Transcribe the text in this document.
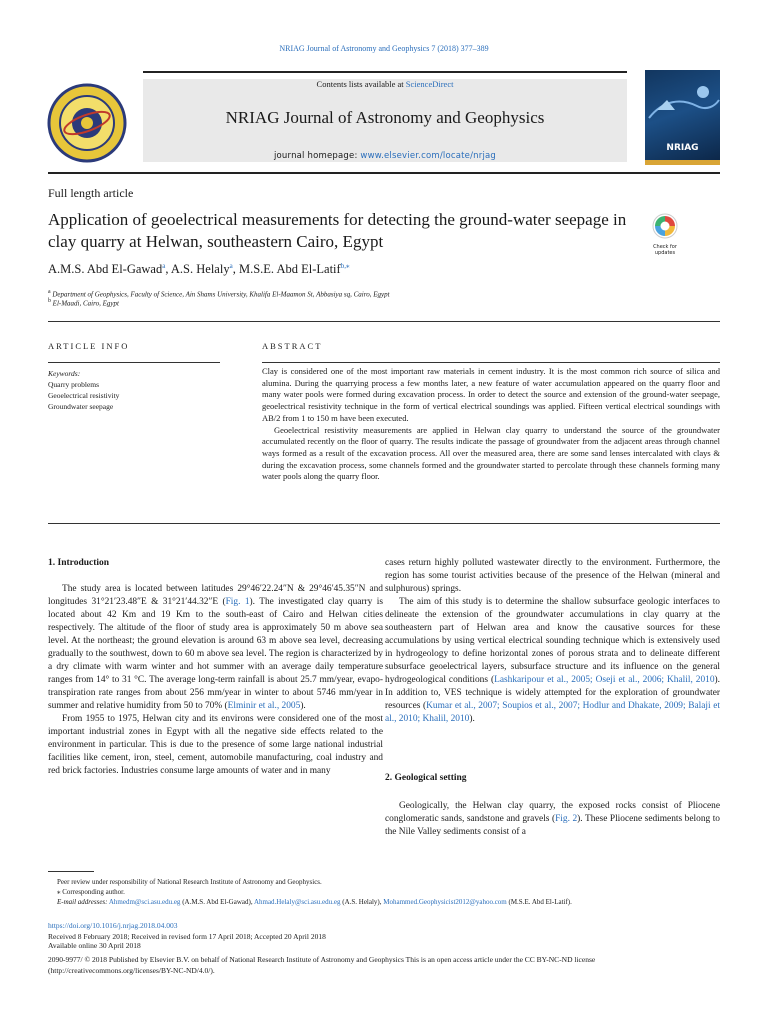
NRIAG Journal of Astronomy and Geophysics 7 (2018) 377–389
Contents lists available at ScienceDirect
NRIAG Journal of Astronomy and Geophysics
journal homepage: www.elsevier.com/locate/nrjag
NRIAG
Full length article
Application of geoelectrical measurements for detecting the ground-water seepage in clay quarry at Helwan, southeastern Cairo, Egypt	Check for updates
A.M.S. Abd El-Gawad$^a$, A.S. Helaly$^a$, M.S.E. Abd El-Latif$^{b,⁎}$
$^a$ Department of Geophysics, Faculty of Science, Ain Shams University, Khalifa El-Maamon St, Abbasiya sq, Cairo, Egypt
$^b$ El-Maadi, Cairo, Egypt
ARTICLE INFO
Keywords:
Quarry problems
Geoelectrical resistivity
Groundwater seepage
ABSTRACT

Clay is considered one of the most important raw materials in cement industry. It is the most common rich source of silica and alumina. During the quarrying process a few months later, a new feature of water accumulation appeared on the quarry floor and many water pools were formed during excavation process. In order to detect the source and extension of the ground-water seepage, geoelectrical resistivity technique in the form of vertical electrical soundings was applied. Fifteen vertical electrical soundings with AB/2 from 1 to 150 m have been executed.

Geoelectrical resistivity measurements are applied in Helwan clay quarry to understand the source of the groundwater accumulated recently on the floor of quarry. The results indicate the passage of groundwater from the adjacent areas through channel ways formed as a result of the excavation process. All over the measured area, there are some sand lenses intercalated with clays & during the excavation process, some channels formed and the groundwater started to percolate through these channels forming many water pools along the quarry floor.

1. Introduction

The study area is located between latitudes 29°46′22.24″N & 29°46′45.35″N and longitudes 31°21′23.48″E & 31°21′44.32″E (Fig. 1). The investigated clay quarry is located about 42 Km and 19 Km to the south-east of Cairo and Helwan cities respectively. The altitude of the floor of study area is approximately 50 m above sea level. At the northeast; the ground elevation is around 63 m above sea level, decreasing gradually to the southwest, down to 60 m above sea level. The region is characterized by a dry climate with warm winter and hot summer with an average daily temperature ranges from 14° to 31 °C. The average long-term rainfall is about 25.7 mm/year, evapo-transpiration rate ranges from about 256 mm/year in winter to about 5746 mm/year in summer and relative humidity from 50 to 70% (Elminir et al., 2005).

From 1955 to 1975, Helwan city and its environs were considered one of the most important industrial zones in Egypt with all the negative side effects related to the environment in particular. This is due to the presence of some large national industrial facilities like cement, iron, steel, cement, automobile manufacturing, coal industry and red brick factories. Industries consume large amounts of water and in many

cases return highly polluted wastewater directly to the environment. Furthermore, the region has some tourist activities because of the presence of the Helwan (mineral and sulphurous) springs.

The aim of this study is to determine the shallow subsurface geologic interfaces to delineate the extension of the groundwater accumulations in clay quarry at the southeastern part of Helwan area and know the causative sources for these accumulations by using vertical electrical sounding technique which is extensively used in hydrogeology to define horizontal zones of porous strata and to delineate different subsurface geoelectrical layers, subsurface structure and its influence on the general hydrogeological conditions (Lashkaripour et al., 2005; Oseji et al., 2006; Khalil, 2010). In addition to, VES technique is widely attempted for the exploration of groundwater resources (Kumar et al., 2007; Soupios et al., 2007; Hodlur and Dhakate, 2009; Balaji et al., 2010; Khalil, 2010).

2. Geological setting

Geologically, the Helwan clay quarry, the exposed rocks consist of Pliocene conglomeratic sands, sandstone and gravels (Fig. 2). These Pliocene sediments belong to the Nile Valley sediments consist of a

Peer review under responsibility of National Research Institute of Astronomy and Geophysics.
⁎ Corresponding author.
E-mail addresses: Ahmedm@sci.asu.edu.eg (A.M.S. Abd El-Gawad), Ahmad.Helaly@sci.asu.edu.eg (A.S. Helaly), Mohammed.Geophysicist2012@yahoo.com (M.S.E. Abd El-Latif).
https://doi.org/10.1016/j.nrjag.2018.04.003
Received 8 February 2018; Received in revised form 17 April 2018; Accepted 20 April 2018
Available online 30 April 2018
2090-9977/ © 2018 Published by Elsevier B.V. on behalf of National Research Institute of Astronomy and Geophysics This is an open access article under the CC BY-NC-ND license (http://creativecommons.org/licenses/BY-NC-ND/4.0/).
